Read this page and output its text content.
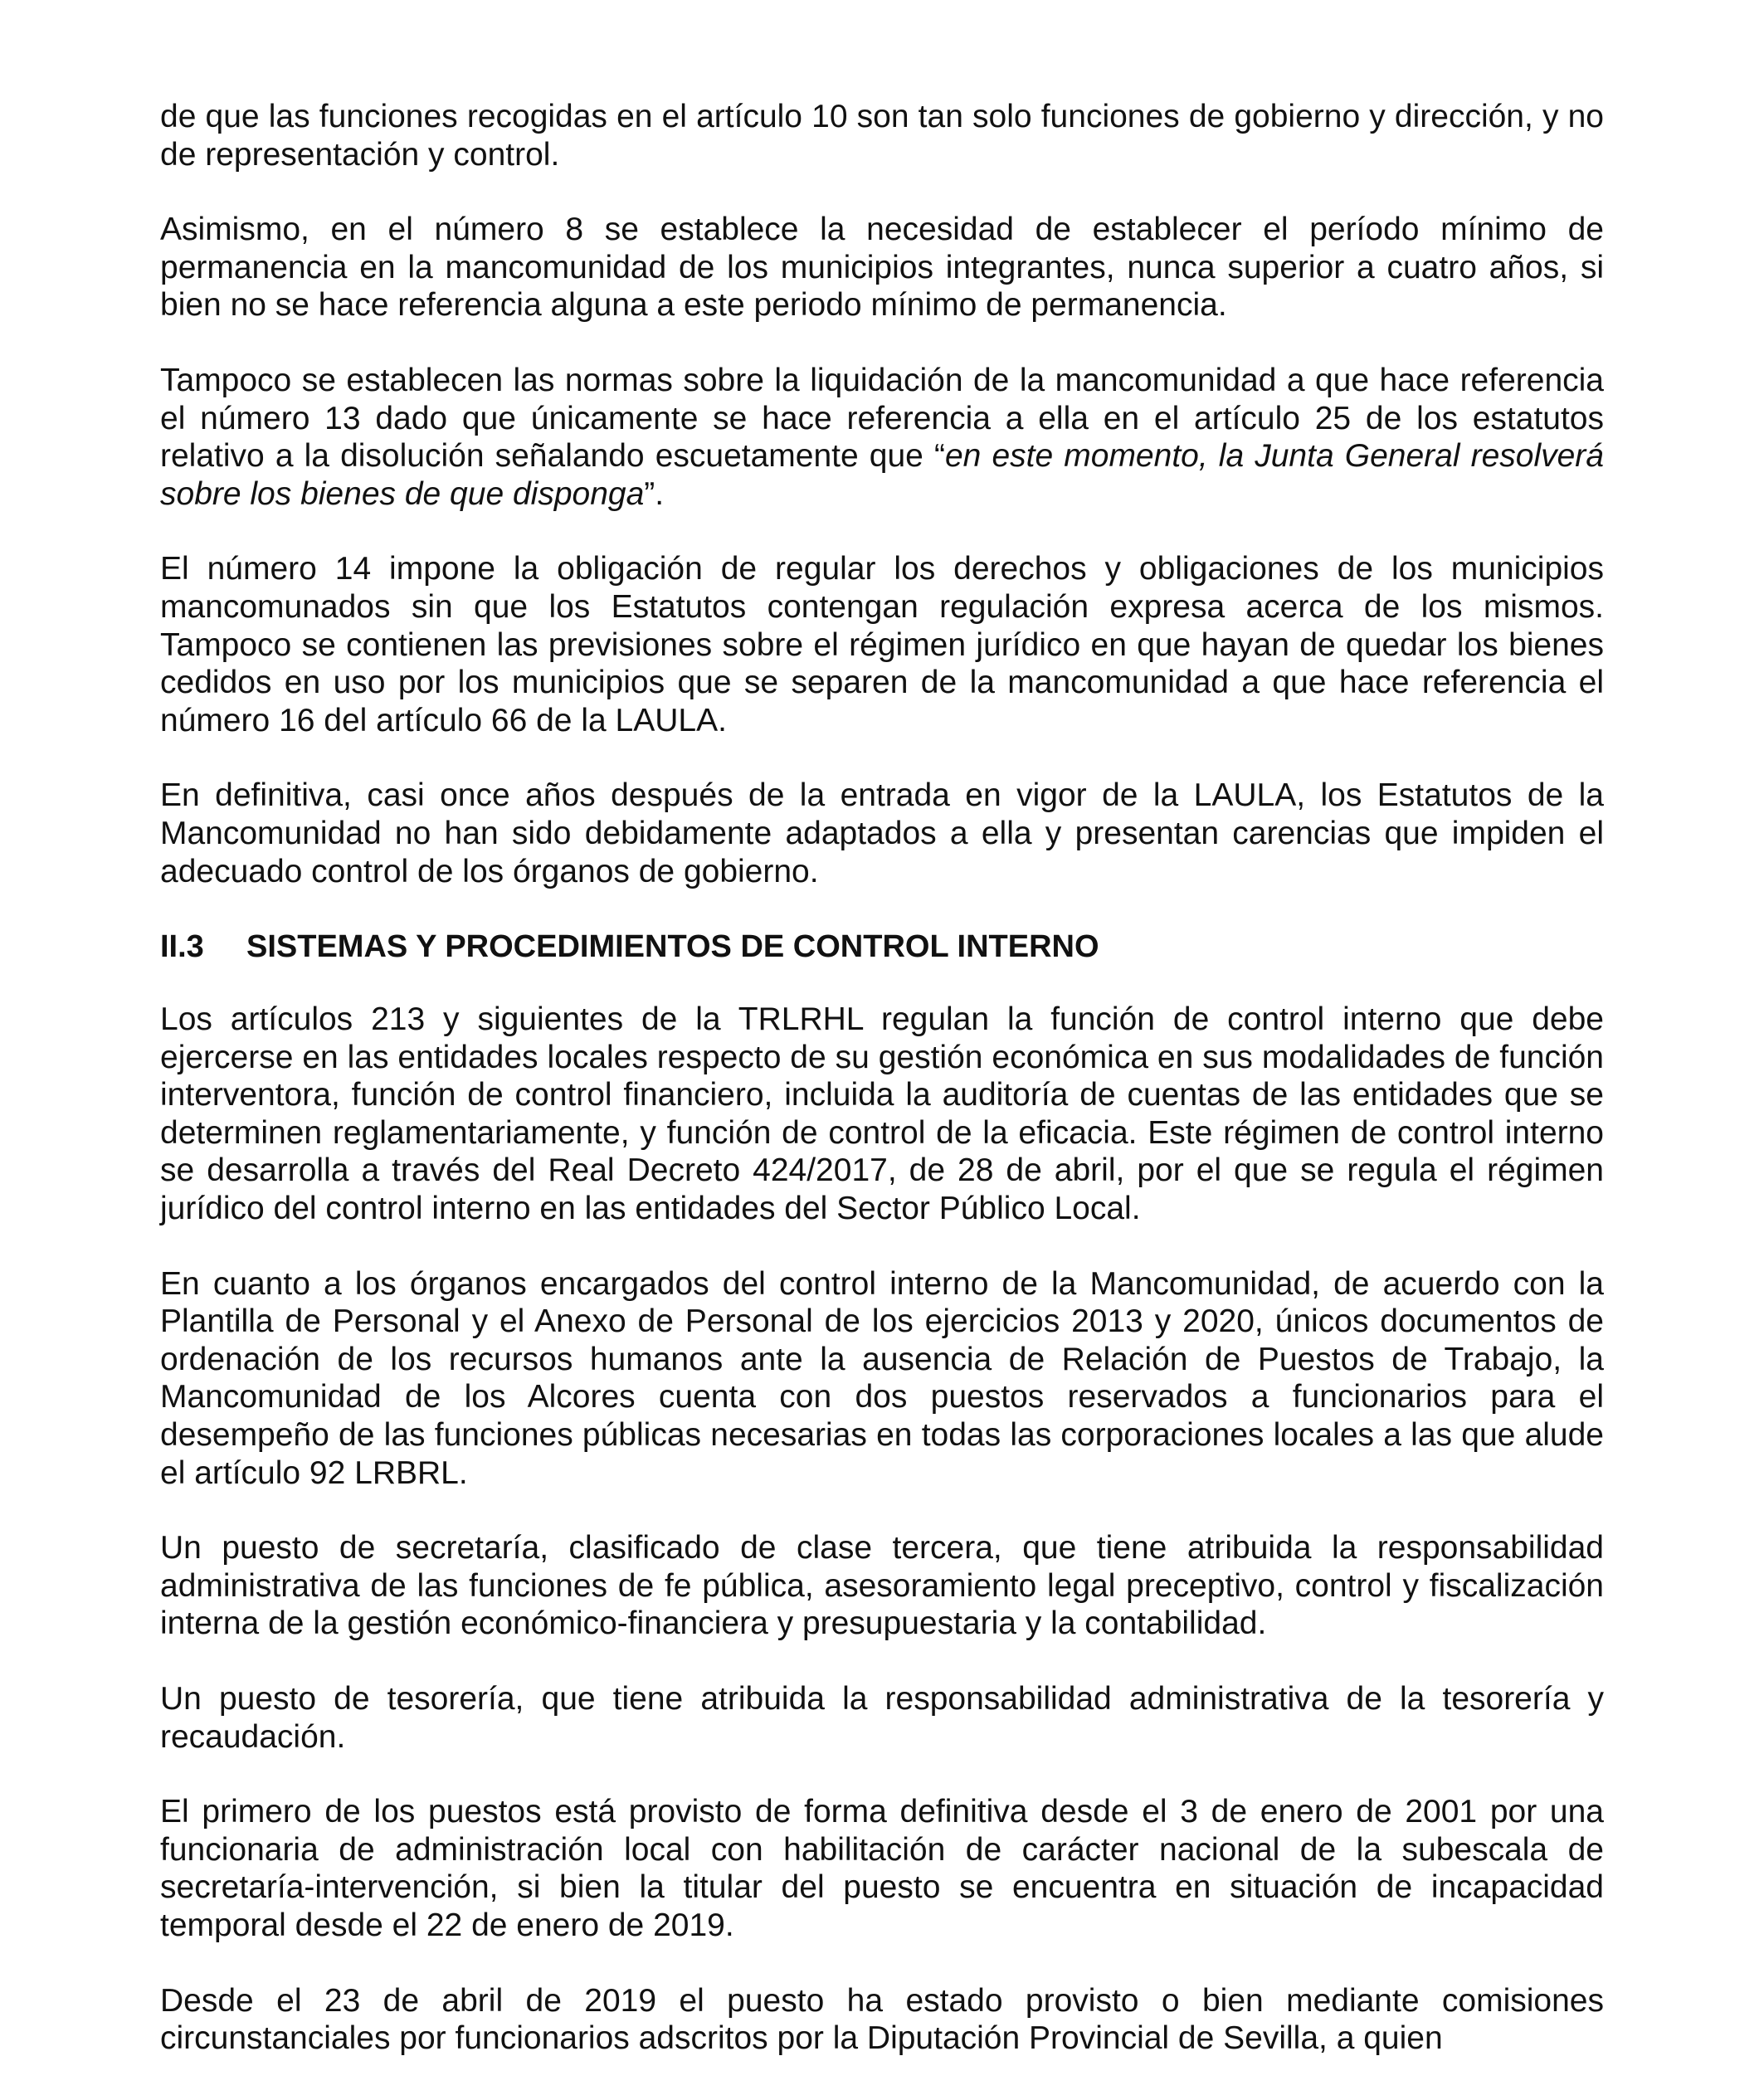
de que las funciones recogidas en el artículo 10 son tan solo funciones de gobierno y dirección, y no de representación y control.

Asimismo, en el número 8 se establece la necesidad de establecer el período mínimo de permanencia en la mancomunidad de los municipios integrantes, nunca superior a cuatro años, si bien no se hace referencia alguna a este periodo mínimo de permanencia.

Tampoco se establecen las normas sobre la liquidación de la mancomunidad a que hace referencia el número 13 dado que únicamente se hace referencia a ella en el artículo 25 de los estatutos relativo a la disolución señalando escuetamente que “en este momento, la Junta General resolverá sobre los bienes de que disponga”.

El número 14 impone la obligación de regular los derechos y obligaciones de los municipios mancomunados sin que los Estatutos contengan regulación expresa acerca de los mismos. Tampoco se contienen las previsiones sobre el régimen jurídico en que hayan de quedar los bienes cedidos en uso por los municipios que se separen de la mancomunidad a que hace referencia el número 16 del artículo 66 de la LAULA.

En definitiva, casi once años después de la entrada en vigor de la LAULA, los Estatutos de la Mancomunidad no han sido debidamente adaptados a ella y presentan carencias que impiden el adecuado control de los órganos de gobierno.

II.3	SISTEMAS Y PROCEDIMIENTOS DE CONTROL INTERNO

Los artículos 213 y siguientes de la TRLRHL regulan la función de control interno que debe ejercerse en las entidades locales respecto de su gestión económica en sus modalidades de función interventora, función de control financiero, incluida la auditoría de cuentas de las entidades que se determinen reglamentariamente, y función de control de la eficacia. Este régimen de control interno se desarrolla a través del Real Decreto 424/2017, de 28 de abril, por el que se regula el régimen jurídico del control interno en las entidades del Sector Público Local.

En cuanto a los órganos encargados del control interno de la Mancomunidad, de acuerdo con la Plantilla de Personal y el Anexo de Personal de los ejercicios 2013 y 2020, únicos documentos de ordenación de los recursos humanos ante la ausencia de Relación de Puestos de Trabajo, la Mancomunidad de los Alcores cuenta con dos puestos reservados a funcionarios para el desempeño de las funciones públicas necesarias en todas las corporaciones locales a las que alude el artículo 92 LRBRL.

Un puesto de secretaría, clasificado de clase tercera, que tiene atribuida la responsabilidad administrativa de las funciones de fe pública, asesoramiento legal preceptivo, control y fiscalización interna de la gestión económico-financiera y presupuestaria y la contabilidad.

Un puesto de tesorería, que tiene atribuida la responsabilidad administrativa de la tesorería y recaudación.

El primero de los puestos está provisto de forma definitiva desde el 3 de enero de 2001 por una funcionaria de administración local con habilitación de carácter nacional de la subescala de secretaría-intervención, si bien la titular del puesto se encuentra en situación de incapacidad temporal desde el 22 de enero de 2019.

Desde el 23 de abril de 2019 el puesto ha estado provisto o bien mediante comisiones circunstanciales por funcionarios adscritos por la Diputación Provincial de Sevilla, a quien
